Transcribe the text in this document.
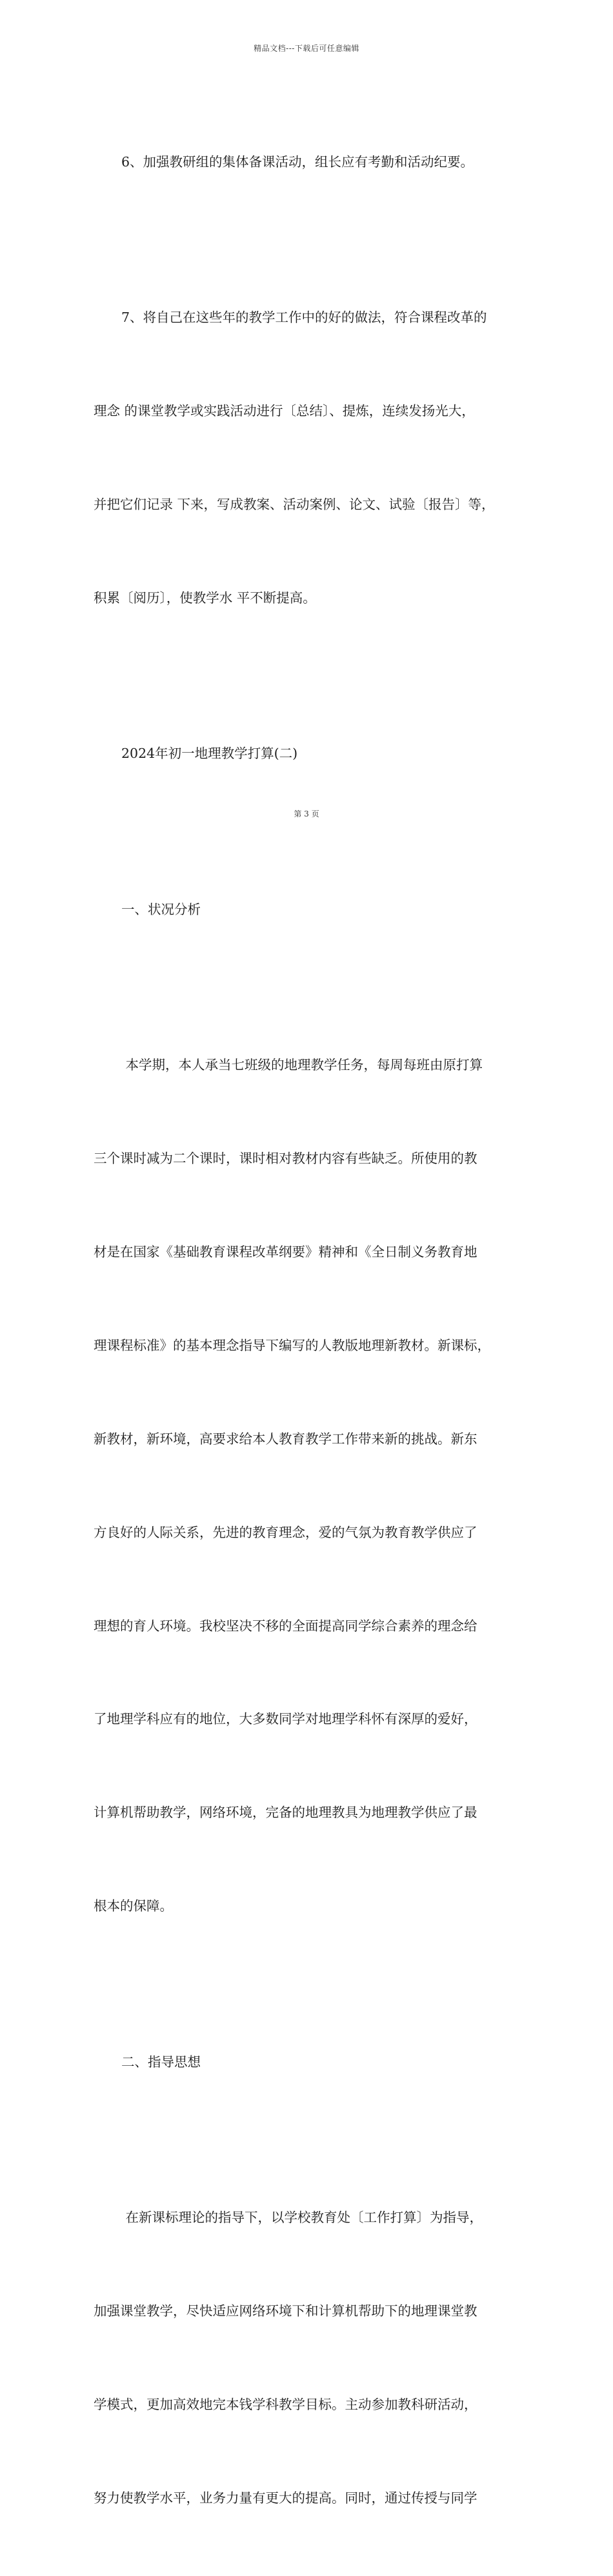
精品文档---下载后可任意编辑

6、加强教研组的集体备课活动，组长应有考勤和活动纪要。

7、将自己在这些年的教学工作中的好的做法，符合课程改革的

理念 的课堂教学或实践活动进行〔总结〕、提炼，连续发扬光大，

并把它们记录 下来，写成教案、活动案例、论文、试验〔报告〕等，

积累〔阅历〕，使教学水 平不断提高。

2024年初一地理教学打算(二)

一、状况分析

本学期，本人承当七班级的地理教学任务，每周每班由原打算

三个课时减为二个课时，课时相对教材内容有些缺乏。所使用的教

材是在国家《基础教育课程改革纲要》精神和《全日制义务教育地

理课程标准》的基本理念指导下编写的人教版地理新教材。新课标，

新教材，新环境，高要求给本人教育教学工作带来新的挑战。新东

方良好的人际关系，先进的教育理念，爱的气氛为教育教学供应了

理想的育人环境。我校坚决不移的全面提高同学综合素养的理念给

了地理学科应有的地位，大多数同学对地理学科怀有深厚的爱好，

计算机帮助教学，网络环境，完备的地理教具为地理教学供应了最

根本的保障。

二、指导思想

在新课标理论的指导下，以学校教育处〔工作打算〕为指导，

加强课堂教学，尽快适应网络环境下和计算机帮助下的地理课堂教

学模式，更加高效地完本钱学科教学目标。主动参加教科研活动，

努力使教学水平，业务力量有更大的提高。同时，通过传授与同学

第 3 页
